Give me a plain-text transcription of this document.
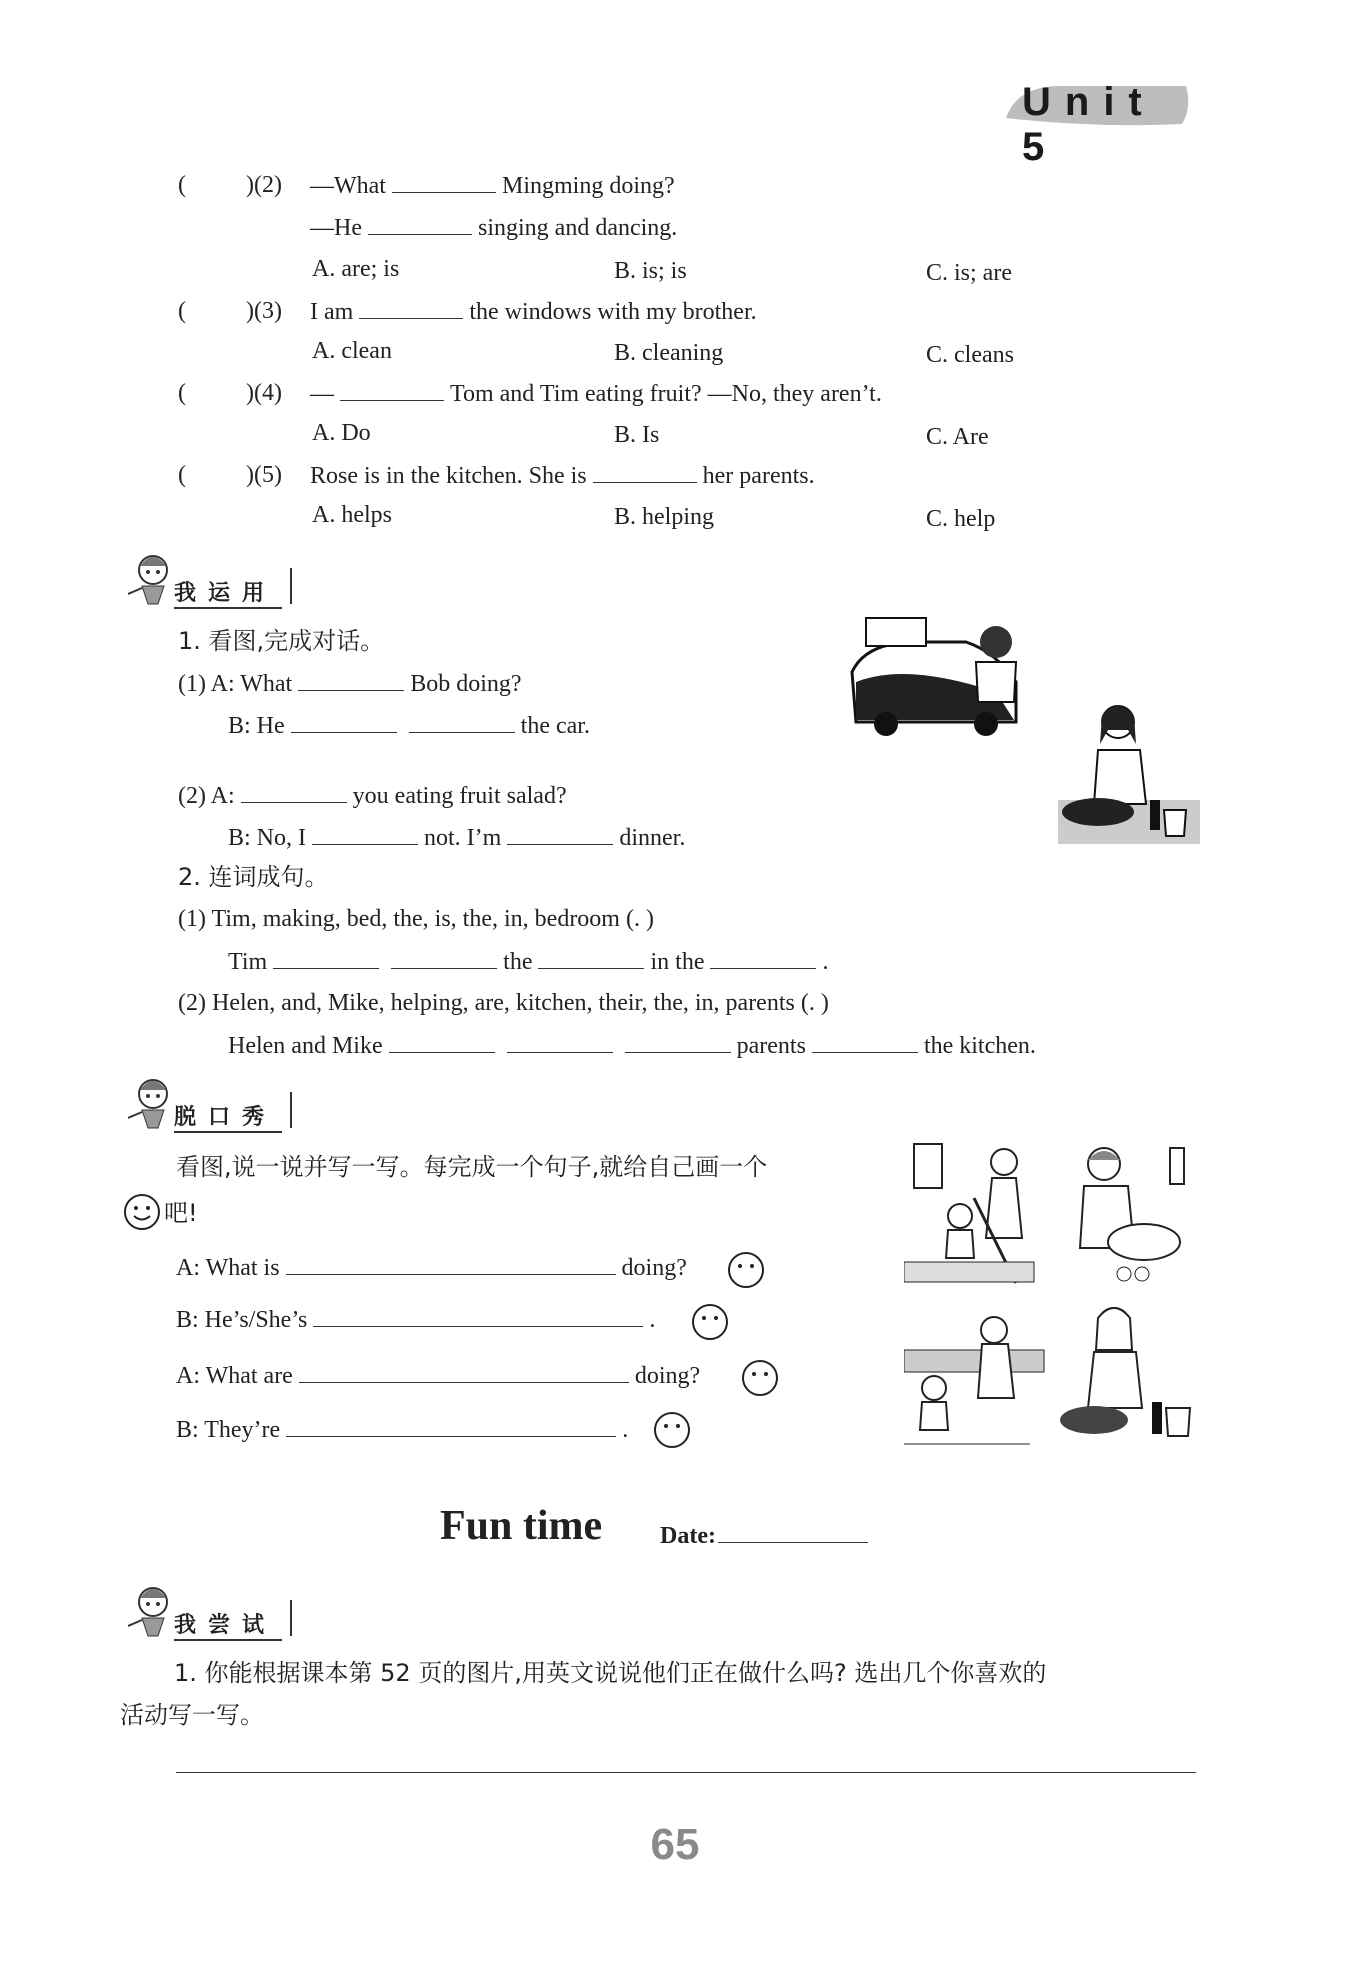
Unit 5
(	)(2) —What	Mingming doing?
—He	singing and dancing.
A. are; is	B. is; is	C. is; are
(	)(3) I am	the windows with my brother.
A. clean	B. cleaning	C. cleans
(	)(4) —	Tom and Tim eating fruit? —No, they aren’t.
A. Do	B. Is	C. Are
(	)(5) Rose is in the kitchen. She is	her parents.
A. helps	B. helping	C. help
我运用
1. 看图,完成对话。
(1) A: What	Bob doing?
B: He	the car.
(2) A:	you eating fruit salad?
B: No, I	not. I’m	dinner.
2. 连词成句。
(1) Tim, making, bed, the, is, the, in, bedroom (. )
Tim	the	in the	.
(2) Helen, and, Mike, helping, are, kitchen, their, the, in, parents (. )
Helen and Mike	parents	the kitchen.
脱口秀
看图,说一说并写一写。每完成一个句子,就给自己画一个
吧!
A: What is	doing?
B: He’s/She’s	.
A: What are	doing?
B: They’re	.
Fun time Date:
我尝试
1. 你能根据课本第 52 页的图片,用英文说说他们正在做什么吗? 选出几个你喜欢的
活动写一写。
65
